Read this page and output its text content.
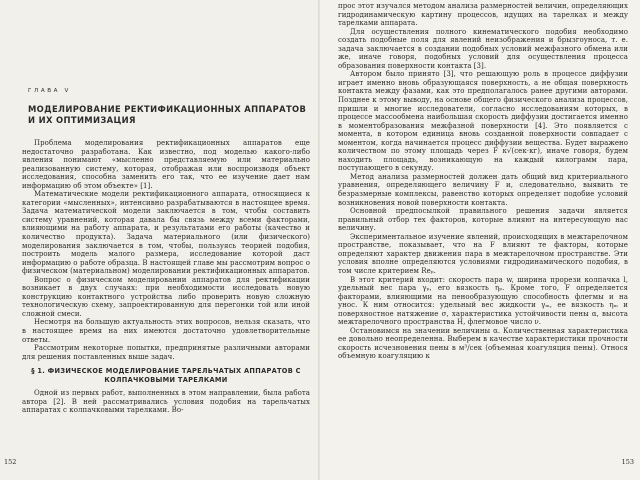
ГЛАВА V
МОДЕЛИРОВАНИЕ РЕКТИФИКАЦИОННЫХ АППАРАТОВ И ИХ ОПТИМИЗАЦИЯ

Проблема моделирования ректификационных аппаратов еще недостаточно разработана. Как известно, под моделью какого-либо явления понимают «мысленно представляемую или материально реализованную систему, которая, отображая или воспроизводя объект исследования, способна заменить его так, что ее изучение дает нам информацию об этом объекте» [1].

Математические модели ректификационного аппарата, относящиеся к категории «мысленных», интенсивно разрабатываются в настоящее время. Задача математической модели заключается в том, чтобы составить систему уравнений, которая давала бы связь между всеми факторами, влияющими на работу аппарата, и результатами его работы (качество и количество продукта). Задача материального (или физического) моделирования заключается в том, чтобы, пользуясь теорией подобия, построить модель малого размера, исследование которой даст информацию о работе образца. В настоящей главе мы рассмотрим вопрос о физическом (материальном) моделировании ректификационных аппаратов.

Вопрос о физическом моделировании аппаратов для ректификации возникает в двух случаях: при необходимости исследовать новую конструкцию контактного устройства либо проверить новую сложную технологическую схему, запроектированную для перегонки той или иной сложной смеси.

Несмотря на большую актуальность этих вопросов, нельзя сказать, что в настоящее время на них имеются достаточно удовлетворительные ответы.

Рассмотрим некоторые попытки, предпринятые различными авторами для решения поставленных выше задач.

§ 1. ФИЗИЧЕСКОЕ МОДЕЛИРОВАНИЕ ТАРЕЛЬЧАТЫХ АППАРАТОВ С КОЛПАЧКОВЫМИ ТАРЕЛКАМИ

Одной из первых работ, выполненных в этом направлении, была работа автора [2]. В ней рассматривались условия подобия на тарельчатых аппаратах с колпачковыми тарелками. Во-

152

прос этот изучался методом анализа размерностей величин, определяющих гидродинамическую картину процессов, идущих на тарелках и между тарелками аппарата.

Для осуществления полного кинематического подобия необходимо создать подобные поля для явлений неизображения и брызгоуноса, т. е. задача заключается в создании подобных условий межфазного обмена или же, иначе говоря, подобных условий для осуществления процесса образования поверхности контакта [3].

Автором было принято [3], что решающую роль в процессе диффузии играет именно вновь образующаяся поверхность, а не общая поверхность контакта между фазами, как это предполагалось ранее другими авторами. Позднее к этому выводу, на основе общего физического анализа процессов, пришли и многие исследователи, согласно исследованиям которых, в процессе массообмена наибольшая скорость диффузии достигается именно в моментобразования межфазной поверхности [4]. Это появляется с момента, в котором единица вновь созданной поверхности совпадает с моментом, когда начинается процесс диффузии вещества. Будет выражено количеством по этому площадь через F к√(сек·кг), иначе говоря, будем находить площадь, возникающую на каждый килограмм пара, поступающего в секунду.

Метод анализа размерностей должен дать общий вид критериального уравнения, определяющего величину F и, следовательно, выявить те безразмерные комплексы, равенство которых определяет подобие условий возникновения новой поверхности контакта.

Основной предпосылкой правильного решения задачи является правильный отбор тех факторов, которые влияют на интересующую нас величину.

Экспериментальное изучение явлений, происходящих в межтарелочном пространстве, показывает, что на F влияют те факторы, которые определяют характер движения пара в межтарелочном пространстве. Эти условия вполне определяются условиями гидродинамического подобия, в том числе критерием Reₚ.

В этот критерий входит: скорость пара w, ширина прорези колпачка l, удельный вес пара γₚ, его вязкость ηₚ. Кроме того, F определяется факторами, влияющими на пенообразующую способность флегмы и на унос. К ним относится: удельный вес жидкости γₘ, ее вязкость ηₘ и поверхностное натяжение σ, характеристика устойчивости пены α, высота межтарелочного пространства H, флегмовое число ν.

Остановимся на значении величины α. Количественная характеристика ее довольно неопределенна. Выберем в качестве характеристики прочности скорость исчезновения пены в м³/сек (объемная коагуляция пены). Относя объемную коагуляцию к

153
